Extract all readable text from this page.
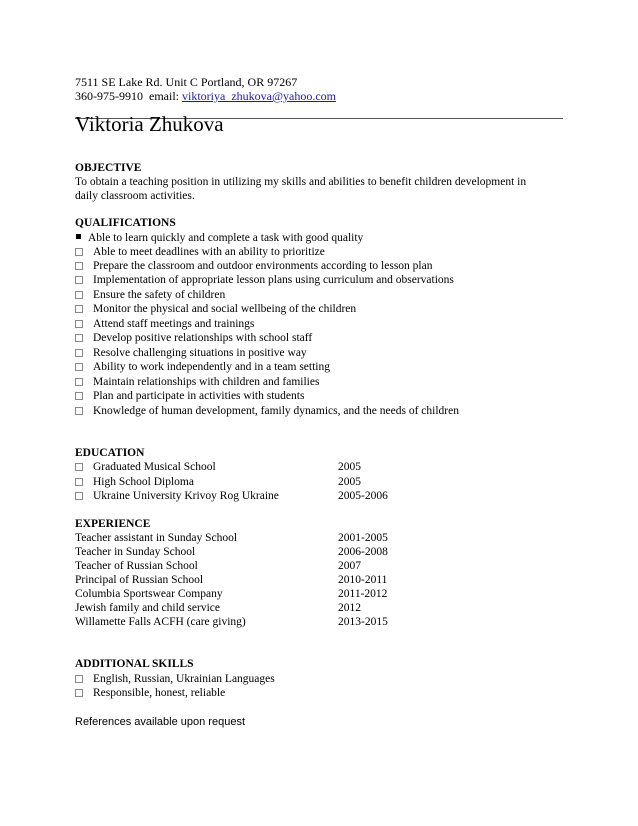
7511 SE Lake Rd. Unit C Portland, OR 97267
360-975-9910 email: viktoriya_zhukova@yahoo.com
Viktoria Zhukova
OBJECTIVE
To obtain a teaching position in utilizing my skills and abilities to benefit children development in
daily classroom activities.
QUALIFICATIONS
Able to learn quickly and complete a task with good quality
Able to meet deadlines with an ability to prioritize
Prepare the classroom and outdoor environments according to lesson plan
Implementation of appropriate lesson plans using curriculum and observations
Ensure the safety of children
Monitor the physical and social wellbeing of the children
Attend staff meetings and trainings
Develop positive relationships with school staff
Resolve challenging situations in positive way
Ability to work independently and in a team setting
Maintain relationships with children and families
Plan and participate in activities with students
Knowledge of human development, family dynamics, and the needs of children
EDUCATION
Graduated Musical School	2005
High School Diploma	2005
Ukraine University Krivoy Rog Ukraine	2005-2006
EXPERIENCE
Teacher assistant in Sunday School	2001-2005
Teacher in Sunday School	2006-2008
Teacher of Russian School	2007
Principal of Russian School	2010-2011
Columbia Sportswear Company	2011-2012
Jewish family and child service	2012
Willamette Falls ACFH (care giving)	2013-2015
ADDITIONAL SKILLS
English, Russian, Ukrainian Languages
Responsible, honest, reliable
References available upon request
